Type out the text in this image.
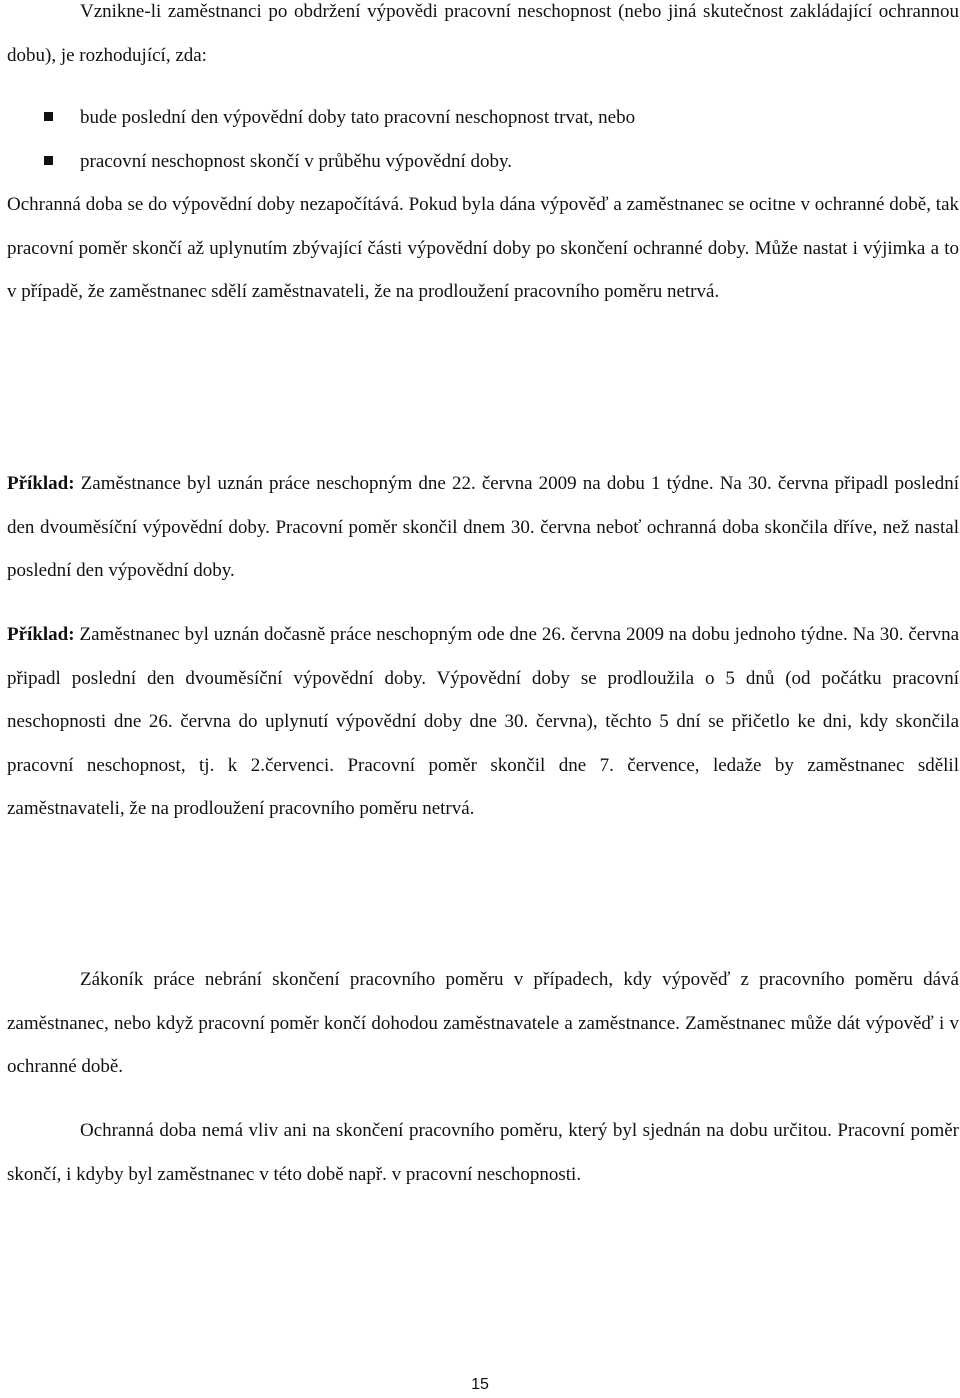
Vznikne-li zaměstnanci po obdržení výpovědi pracovní neschopnost (nebo jiná skutečnost zakládající ochrannou dobu), je rozhodující, zda:

bude poslední den výpovědní doby tato pracovní neschopnost trvat, nebo
pracovní neschopnost skončí v průběhu výpovědní doby.

Ochranná doba se do výpovědní doby nezapočítává. Pokud byla dána výpověď a zaměstnanec se ocitne v ochranné době, tak pracovní poměr skončí až uplynutím zbývající části výpovědní doby po skončení ochranné doby. Může nastat i výjimka a to v případě, že zaměstnanec sdělí zaměstnavateli, že na prodloužení pracovního poměru netrvá.

Příklad: Zaměstnance byl uznán práce neschopným dne 22. června 2009 na dobu 1 týdne. Na 30. června připadl poslední den dvouměsíční výpovědní doby. Pracovní poměr skončil dnem 30. června neboť ochranná doba skončila dříve, než nastal poslední den výpovědní doby.

Příklad: Zaměstnanec byl uznán dočasně práce neschopným ode dne 26. června 2009 na dobu jednoho týdne. Na 30. června připadl poslední den dvouměsíční výpovědní doby. Výpovědní doby se prodloužila o 5 dnů (od počátku pracovní neschopnosti dne 26. června do uplynutí výpovědní doby dne 30. června), těchto 5 dní se přičetlo ke dni, kdy skončila pracovní neschopnost, tj. k 2.červenci. Pracovní poměr skončil dne 7. července, ledaže by zaměstnanec sdělil zaměstnavateli, že na prodloužení pracovního poměru netrvá.

Zákoník práce nebrání skončení pracovního poměru v případech, kdy výpověď z pracovního poměru dává zaměstnanec, nebo když pracovní poměr končí dohodou zaměstnavatele a zaměstnance. Zaměstnanec může dát výpověď i v ochranné době.

Ochranná doba nemá vliv ani na skončení pracovního poměru, který byl sjednán na dobu určitou. Pracovní poměr skončí, i kdyby byl zaměstnanec v této době např. v pracovní neschopnosti.

15
